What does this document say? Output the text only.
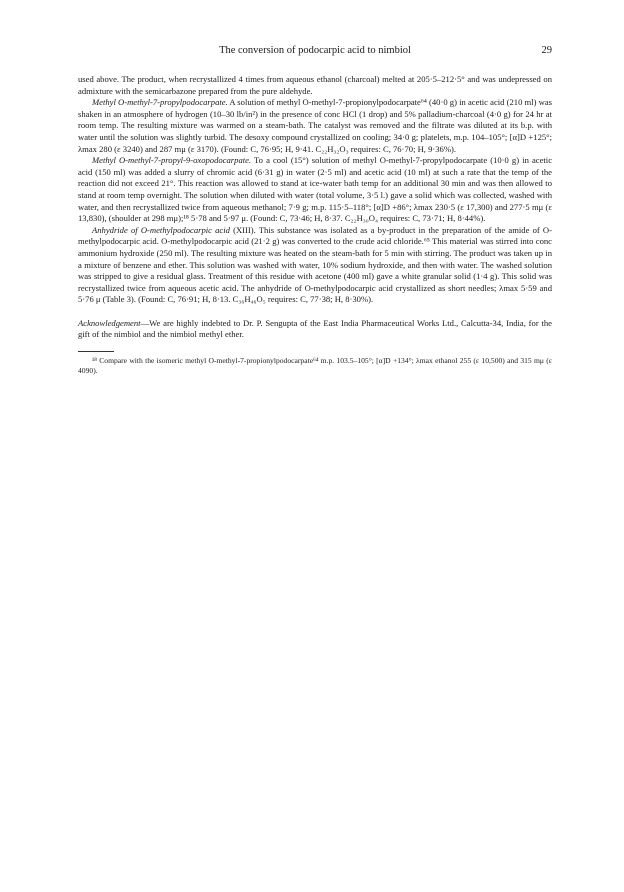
The conversion of podocarpic acid to nimbiol	29

used above. The product, when recrystallized 4 times from aqueous ethanol (charcoal) melted at 205·5–212·5° and was undepressed on admixture with the semicarbazone prepared from the pure aldehyde.

Methyl O-methyl-7-propylpodocarpate. A solution of methyl O-methyl-7-propionylpodocarpate⁶⁴ (40·0 g) in acetic acid (210 ml) was shaken in an atmosphere of hydrogen (10–30 lb/in²) in the presence of conc HCl (1 drop) and 5% palladium-charcoal (4·0 g) for 24 hr at room temp. The resulting mixture was warmed on a steam-bath. The catalyst was removed and the filtrate was diluted at its b.p. with water until the solution was slightly turbid. The desoxy compound crystallized on cooling; 34·0 g; platelets, m.p. 104–105°; [α]D +125°; λmax 280 (ε 3240) and 287 mμ (ε 3170). (Found: C, 76·95; H, 9·41. C₂₂H₃₂O₃ requires: C, 76·70; H, 9·36%).

Methyl O-methyl-7-propyl-9-oxopodocarpate. To a cool (15°) solution of methyl O-methyl-7-propylpodocarpate (10·0 g) in acetic acid (150 ml) was added a slurry of chromic acid (6·31 g) in water (2·5 ml) and acetic acid (10 ml) at such a rate that the temp of the reaction did not exceed 21°. This reaction was allowed to stand at ice-water bath temp for an additional 30 min and was then allowed to stand at room temp overnight. The solution when diluted with water (total volume, 3·5 l.) gave a solid which was collected, washed with water, and then recrystallized twice from aqueous methanol; 7·9 g; m.p. 115·5–118°; [α]D +86°; λmax 230·5 (ε 17,300) and 277·5 mμ (ε 13,830), (shoulder at 298 mμ);¹⁸ 5·78 and 5·97 μ. (Found: C, 73·46; H, 8·37. C₂₂H₃₀O₄ requires: C, 73·71; H, 8·44%).

Anhydride of O-methylpodocarpic acid (XIII). This substance was isolated as a by-product in the preparation of the amide of O-methylpodocarpic acid. O-methylpodocarpic acid (21·2 g) was converted to the crude acid chloride.⁶⁵ This material was stirred into conc ammonium hydroxide (250 ml). The resulting mixture was heated on the steam-bath for 5 min with stirring. The product was taken up in a mixture of benzene and ether. This solution was washed with water, 10% sodium hydroxide, and then with water. The washed solution was stripped to give a residual glass. Treatment of this residue with acetone (400 ml) gave a white granular solid (1·4 g). This solid was recrystallized twice from aqueous acetic acid. The anhydride of O-methylpodocarpic acid crystallized as short needles; λmax 5·59 and 5·76 μ (Table 3). (Found: C, 76·91; H, 8·13. C₃₆H₄₆O₅ requires: C, 77·38; H, 8·30%).

Acknowledgement—We are highly indebted to Dr. P. Sengupta of the East India Pharmaceutical Works Ltd., Calcutta-34, India, for the gift of the nimbiol and the nimbiol methyl ether.

¹⁸ Compare with the isomeric methyl O-methyl-7-propionylpodocarpate⁶⁴ m.p. 103.5–105°; [α]D +134°; λmax ethanol 255 (ε 10,500) and 315 mμ (ε 4090).
